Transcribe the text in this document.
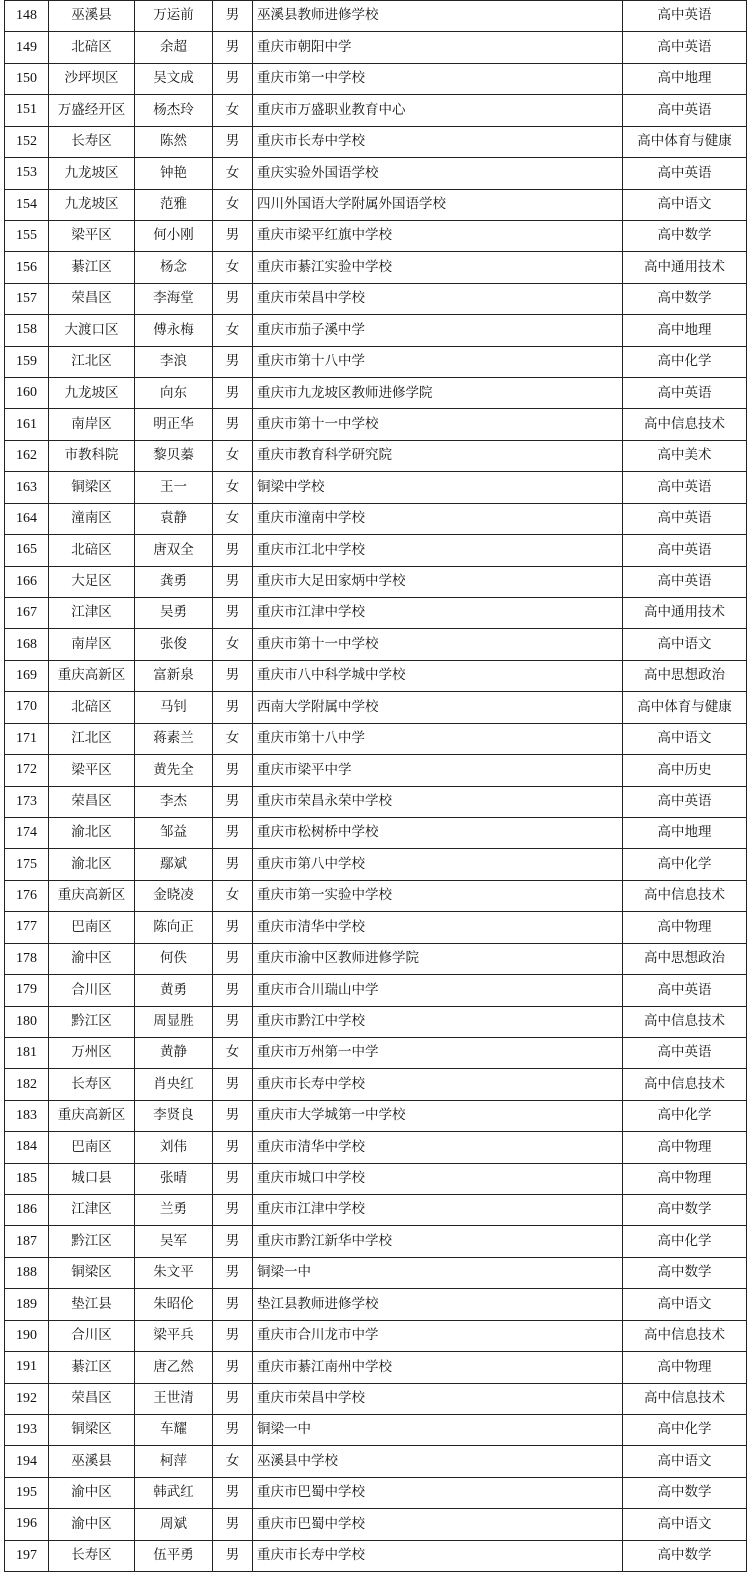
148	巫溪县	万运前	男	巫溪县教师进修学校	高中英语
149	北碚区	余超	男	重庆市朝阳中学	高中英语
150	沙坪坝区	吴文成	男	重庆市第一中学校	高中地理
151	万盛经开区	杨杰玲	女	重庆市万盛职业教育中心	高中英语
152	长寿区	陈然	男	重庆市长寿中学校	高中体育与健康
153	九龙坡区	钟艳	女	重庆实验外国语学校	高中英语
154	九龙坡区	范雅	女	四川外国语大学附属外国语学校	高中语文
155	梁平区	何小刚	男	重庆市梁平红旗中学校	高中数学
156	綦江区	杨念	女	重庆市綦江实验中学校	高中通用技术
157	荣昌区	李海堂	男	重庆市荣昌中学校	高中数学
158	大渡口区	傅永梅	女	重庆市茄子溪中学	高中地理
159	江北区	李浪	男	重庆市第十八中学	高中化学
160	九龙坡区	向东	男	重庆市九龙坡区教师进修学院	高中英语
161	南岸区	明正华	男	重庆市第十一中学校	高中信息技术
162	市教科院	黎贝蓁	女	重庆市教育科学研究院	高中美术
163	铜梁区	王一	女	铜梁中学校	高中英语
164	潼南区	袁静	女	重庆市潼南中学校	高中英语
165	北碚区	唐双全	男	重庆市江北中学校	高中英语
166	大足区	龚勇	男	重庆市大足田家炳中学校	高中英语
167	江津区	吴勇	男	重庆市江津中学校	高中通用技术
168	南岸区	张俊	女	重庆市第十一中学校	高中语文
169	重庆高新区	富新泉	男	重庆市八中科学城中学校	高中思想政治
170	北碚区	马钊	男	西南大学附属中学校	高中体育与健康
171	江北区	蒋素兰	女	重庆市第十八中学	高中语文
172	梁平区	黄先全	男	重庆市梁平中学	高中历史
173	荣昌区	李杰	男	重庆市荣昌永荣中学校	高中英语
174	渝北区	邹益	男	重庆市松树桥中学校	高中地理
175	渝北区	鄢斌	男	重庆市第八中学校	高中化学
176	重庆高新区	金晓凌	女	重庆市第一实验中学校	高中信息技术
177	巴南区	陈向正	男	重庆市清华中学校	高中物理
178	渝中区	何佚	男	重庆市渝中区教师进修学院	高中思想政治
179	合川区	黄勇	男	重庆市合川瑞山中学	高中英语
180	黔江区	周显胜	男	重庆市黔江中学校	高中信息技术
181	万州区	黄静	女	重庆市万州第一中学	高中英语
182	长寿区	肖央红	男	重庆市长寿中学校	高中信息技术
183	重庆高新区	李贤良	男	重庆市大学城第一中学校	高中化学
184	巴南区	刘伟	男	重庆市清华中学校	高中物理
185	城口县	张晴	男	重庆市城口中学校	高中物理
186	江津区	兰勇	男	重庆市江津中学校	高中数学
187	黔江区	吴军	男	重庆市黔江新华中学校	高中化学
188	铜梁区	朱文平	男	铜梁一中	高中数学
189	垫江县	朱昭伦	男	垫江县教师进修学校	高中语文
190	合川区	梁平兵	男	重庆市合川龙市中学	高中信息技术
191	綦江区	唐乙然	男	重庆市綦江南州中学校	高中物理
192	荣昌区	王世清	男	重庆市荣昌中学校	高中信息技术
193	铜梁区	车耀	男	铜梁一中	高中化学
194	巫溪县	柯萍	女	巫溪县中学校	高中语文
195	渝中区	韩武红	男	重庆市巴蜀中学校	高中数学
196	渝中区	周斌	男	重庆市巴蜀中学校	高中语文
197	长寿区	伍平勇	男	重庆市长寿中学校	高中数学
